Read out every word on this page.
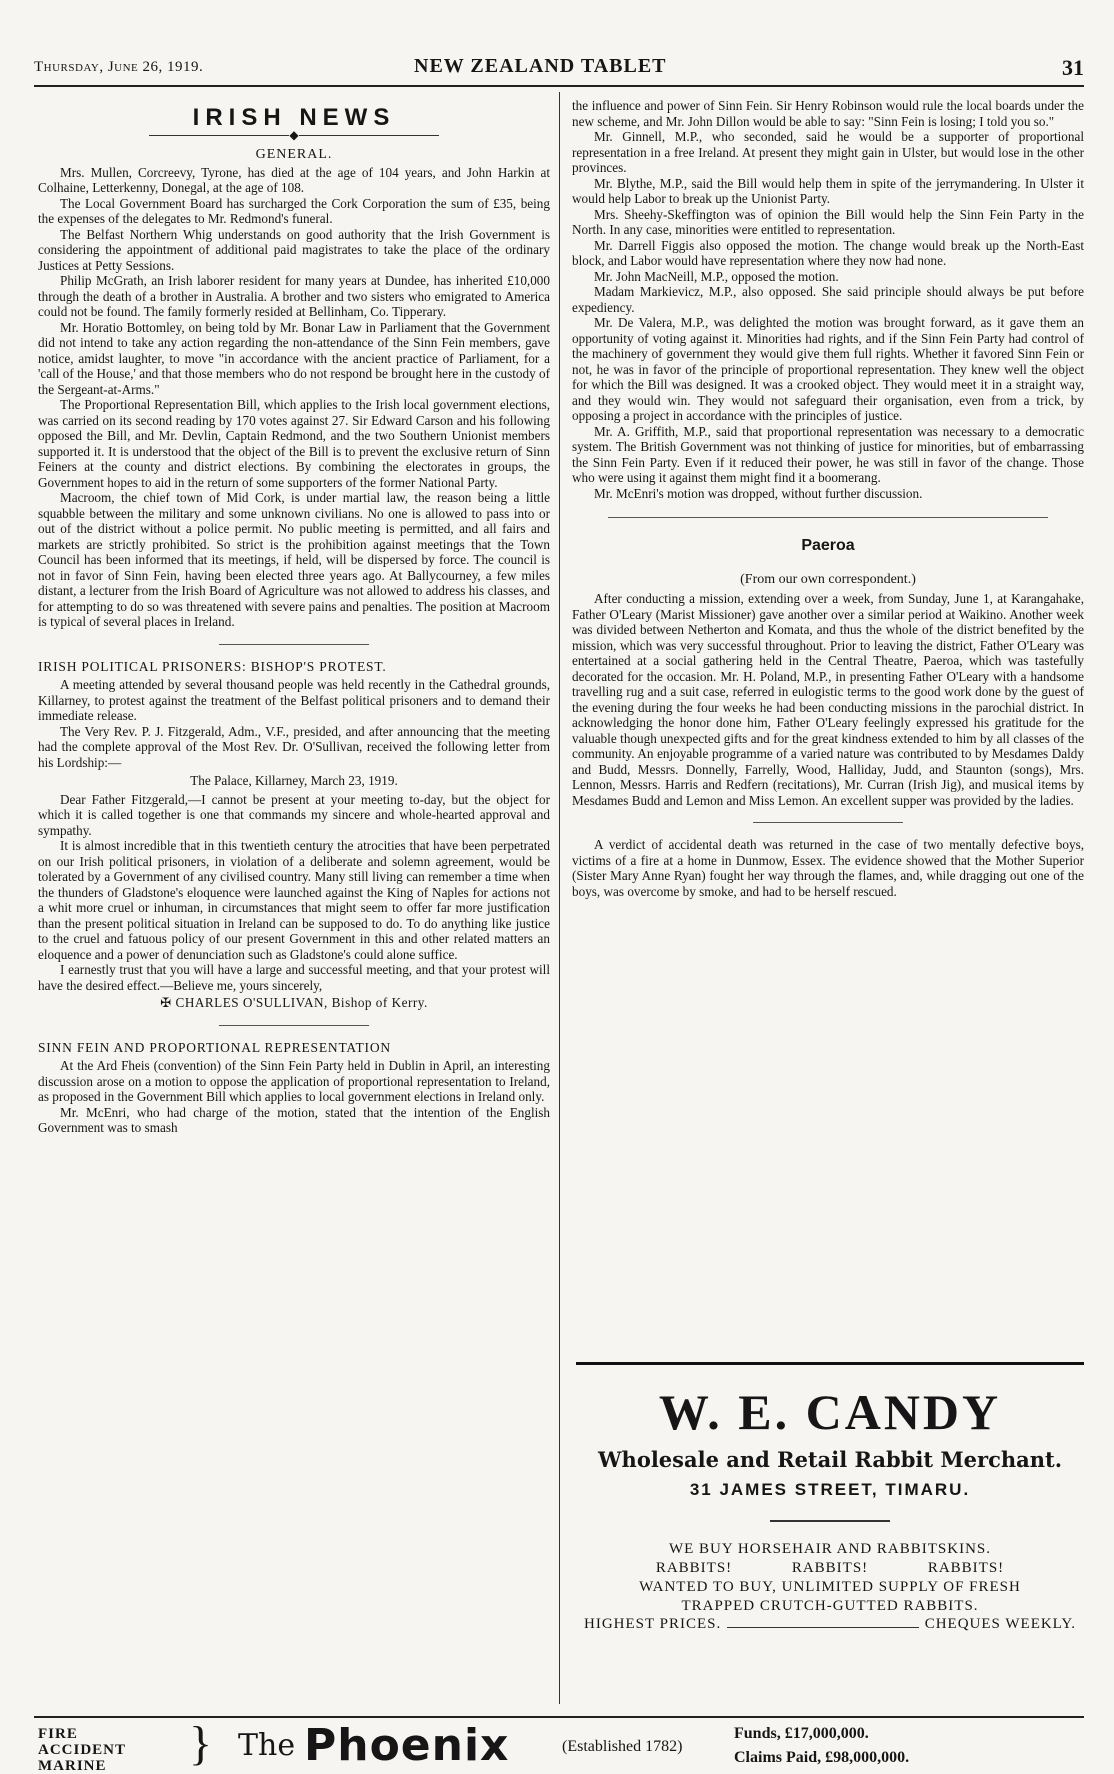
Thursday, June 26, 1919.	NEW ZEALAND TABLET	31
IRISH NEWS
◆
GENERAL.

Mrs. Mullen, Corcreevy, Tyrone, has died at the age of 104 years, and John Harkin at Colhaine, Letterkenny, Donegal, at the age of 108.

The Local Government Board has surcharged the Cork Corporation the sum of £35, being the expenses of the delegates to Mr. Redmond's funeral.

The Belfast Northern Whig understands on good authority that the Irish Government is considering the appointment of additional paid magistrates to take the place of the ordinary Justices at Petty Sessions.

Philip McGrath, an Irish laborer resident for many years at Dundee, has inherited £10,000 through the death of a brother in Australia. A brother and two sisters who emigrated to America could not be found. The family formerly resided at Bellinham, Co. Tipperary.

Mr. Horatio Bottomley, on being told by Mr. Bonar Law in Parliament that the Government did not intend to take any action regarding the non-attendance of the Sinn Fein members, gave notice, amidst laughter, to move "in accordance with the ancient practice of Parliament, for a 'call of the House,' and that those members who do not respond be brought here in the custody of the Sergeant-at-Arms."

The Proportional Representation Bill, which applies to the Irish local government elections, was carried on its second reading by 170 votes against 27. Sir Edward Carson and his following opposed the Bill, and Mr. Devlin, Captain Redmond, and the two Southern Unionist members supported it. It is understood that the object of the Bill is to prevent the exclusive return of Sinn Feiners at the county and district elections. By combining the electorates in groups, the Government hopes to aid in the return of some supporters of the former National Party.

Macroom, the chief town of Mid Cork, is under martial law, the reason being a little squabble between the military and some unknown civilians. No one is allowed to pass into or out of the district without a police permit. No public meeting is permitted, and all fairs and markets are strictly prohibited. So strict is the prohibition against meetings that the Town Council has been informed that its meetings, if held, will be dispersed by force. The council is not in favor of Sinn Fein, having been elected three years ago. At Ballycourney, a few miles distant, a lecturer from the Irish Board of Agriculture was not allowed to address his classes, and for attempting to do so was threatened with severe pains and penalties. The position at Macroom is typical of several places in Ireland.

IRISH POLITICAL PRISONERS: BISHOP'S PROTEST.

A meeting attended by several thousand people was held recently in the Cathedral grounds, Killarney, to protest against the treatment of the Belfast political prisoners and to demand their immediate release.

The Very Rev. P. J. Fitzgerald, Adm., V.F., presided, and after announcing that the meeting had the complete approval of the Most Rev. Dr. O'Sullivan, received the following letter from his Lordship:—

The Palace, Killarney, March 23, 1919.

Dear Father Fitzgerald,—I cannot be present at your meeting to-day, but the object for which it is called together is one that commands my sincere and whole-hearted approval and sympathy.

It is almost incredible that in this twentieth century the atrocities that have been perpetrated on our Irish political prisoners, in violation of a deliberate and solemn agreement, would be tolerated by a Government of any civilised country. Many still living can remember a time when the thunders of Gladstone's eloquence were launched against the King of Naples for actions not a whit more cruel or inhuman, in circumstances that might seem to offer far more justification than the present political situation in Ireland can be supposed to do. To do anything like justice to the cruel and fatuous policy of our present Government in this and other related matters an eloquence and a power of denunciation such as Gladstone's could alone suffice.

I earnestly trust that you will have a large and successful meeting, and that your protest will have the desired effect.—Believe me, yours sincerely,

✠ CHARLES O'SULLIVAN, Bishop of Kerry.
SINN FEIN AND PROPORTIONAL REPRESENTATION

At the Ard Fheis (convention) of the Sinn Fein Party held in Dublin in April, an interesting discussion arose on a motion to oppose the application of proportional representation to Ireland, as proposed in the Government Bill which applies to local government elections in Ireland only.

Mr. McEnri, who had charge of the motion, stated that the intention of the English Government was to smash

the influence and power of Sinn Fein. Sir Henry Robinson would rule the local boards under the new scheme, and Mr. John Dillon would be able to say: "Sinn Fein is losing; I told you so."

Mr. Ginnell, M.P., who seconded, said he would be a supporter of proportional representation in a free Ireland. At present they might gain in Ulster, but would lose in the other provinces.

Mr. Blythe, M.P., said the Bill would help them in spite of the jerrymandering. In Ulster it would help Labor to break up the Unionist Party.

Mrs. Sheehy-Skeffington was of opinion the Bill would help the Sinn Fein Party in the North. In any case, minorities were entitled to representation.

Mr. Darrell Figgis also opposed the motion. The change would break up the North-East block, and Labor would have representation where they now had none.

Mr. John MacNeill, M.P., opposed the motion.

Madam Markievicz, M.P., also opposed. She said principle should always be put before expediency.

Mr. De Valera, M.P., was delighted the motion was brought forward, as it gave them an opportunity of voting against it. Minorities had rights, and if the Sinn Fein Party had control of the machinery of government they would give them full rights. Whether it favored Sinn Fein or not, he was in favor of the principle of proportional representation. They knew well the object for which the Bill was designed. It was a crooked object. They would meet it in a straight way, and they would win. They would not safeguard their organisation, even from a trick, by opposing a project in accordance with the principles of justice.

Mr. A. Griffith, M.P., said that proportional representation was necessary to a democratic system. The British Government was not thinking of justice for minorities, but of embarrassing the Sinn Fein Party. Even if it reduced their power, he was still in favor of the change. Those who were using it against them might find it a boomerang.

Mr. McEnri's motion was dropped, without further discussion.

Paeroa
(From our own correspondent.)

After conducting a mission, extending over a week, from Sunday, June 1, at Karangahake, Father O'Leary (Marist Missioner) gave another over a similar period at Waikino. Another week was divided between Netherton and Komata, and thus the whole of the district benefited by the mission, which was very successful throughout. Prior to leaving the district, Father O'Leary was entertained at a social gathering held in the Central Theatre, Paeroa, which was tastefully decorated for the occasion. Mr. H. Poland, M.P., in presenting Father O'Leary with a handsome travelling rug and a suit case, referred in eulogistic terms to the good work done by the guest of the evening during the four weeks he had been conducting missions in the parochial district. In acknowledging the honor done him, Father O'Leary feelingly expressed his gratitude for the valuable though unexpected gifts and for the great kindness extended to him by all classes of the community. An enjoyable programme of a varied nature was contributed to by Mesdames Daldy and Budd, Messrs. Donnelly, Farrelly, Wood, Halliday, Judd, and Staunton (songs), Mrs. Lennon, Messrs. Harris and Redfern (recitations), Mr. Curran (Irish Jig), and musical items by Mesdames Budd and Lemon and Miss Lemon. An excellent supper was provided by the ladies.

A verdict of accidental death was returned in the case of two mentally defective boys, victims of a fire at a home in Dunmow, Essex. The evidence showed that the Mother Superior (Sister Mary Anne Ryan) fought her way through the flames, and, while dragging out one of the boys, was overcome by smoke, and had to be herself rescued.

W. E. CANDY
Wholesale and Retail Rabbit Merchant.
31 JAMES STREET, TIMARU.
WE BUY HORSEHAIR AND RABBITSKINS.
RABBITS!	RABBITS!	RABBITS!
WANTED TO BUY, UNLIMITED SUPPLY OF FRESH
TRAPPED CRUTCH-GUTTED RABBITS.
HIGHEST PRICES.	CHEQUES WEEKLY.
FIRE
ACCIDENT
MARINE	} The Phoenix	(Established 1782)
Funds, £17,000,000.
Claims Paid, £98,000,000.
